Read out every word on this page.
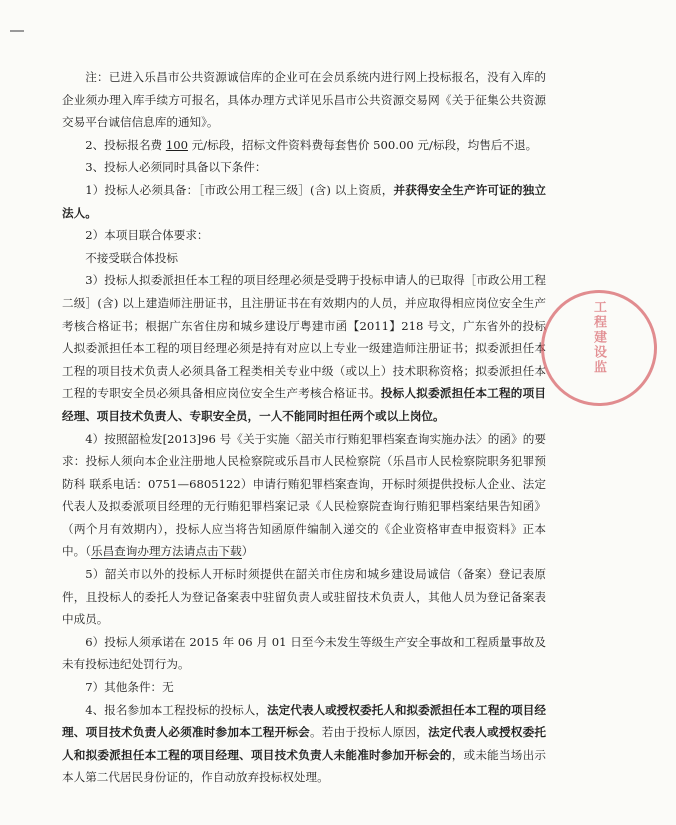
注：已进入乐昌市公共资源诚信库的企业可在会员系统内进行网上投标报名，没有入库的企业须办理入库手续方可报名，具体办理方式详见乐昌市公共资源交易网《关于征集公共资源交易平台诚信信息库的通知》。

2、投标报名费 100 元/标段，招标文件资料费每套售价 500.00 元/标段，均售后不退。

3、投标人必须同时具备以下条件：

1）投标人必须具备：［市政公用工程三级］(含) 以上资质，并获得安全生产许可证的独立法人。

2）本项目联合体要求：

不接受联合体投标

3）投标人拟委派担任本工程的项目经理必须是受聘于投标申请人的已取得［市政公用工程二级］(含) 以上建造师注册证书，且注册证书在有效期内的人员，并应取得相应岗位安全生产考核合格证书；根据广东省住房和城乡建设厅粤建市函【2011】218 号文，广东省外的投标人拟委派担任本工程的项目经理必须是持有对应以上专业一级建造师注册证书；拟委派担任本工程的项目技术负责人必须具备工程类相关专业中级（或以上）技术职称资格；拟委派担任本工程的专职安全员必须具备相应岗位安全生产考核合格证书。投标人拟委派担任本工程的项目经理、项目技术负责人、专职安全员，一人不能同时担任两个或以上岗位。

4）按照韶检发[2013]96 号《关于实施〈韶关市行贿犯罪档案查询实施办法〉的函》的要求：投标人须向本企业注册地人民检察院或乐昌市人民检察院（乐昌市人民检察院职务犯罪预防科 联系电话：0751—6805122）申请行贿犯罪档案查询，开标时须提供投标人企业、法定代表人及拟委派项目经理的无行贿犯罪档案记录《人民检察院查询行贿犯罪档案结果告知函》（两个月有效期内），投标人应当将告知函原件编制入递交的《企业资格审查申报资料》正本中。（乐昌查询办理方法请点击下载）

5）韶关市以外的投标人开标时须提供在韶关市住房和城乡建设局诚信（备案）登记表原件，且投标人的委托人为登记备案表中驻留负责人或驻留技术负责人，其他人员为登记备案表中成员。

6）投标人须承诺在 2015 年 06 月 01 日至今未发生等级生产安全事故和工程质量事故及未有投标违纪处罚行为。

7）其他条件：无

4、报名参加本工程投标的投标人，法定代表人或授权委托人和拟委派担任本工程的项目经理、项目技术负责人必须准时参加本工程开标会。若由于投标人原因，法定代表人或授权委托人和拟委派担任本工程的项目经理、项目技术负责人未能准时参加开标会的，或未能当场出示本人第二代居民身份证的，作自动放弃投标权处理。

工程建设监
